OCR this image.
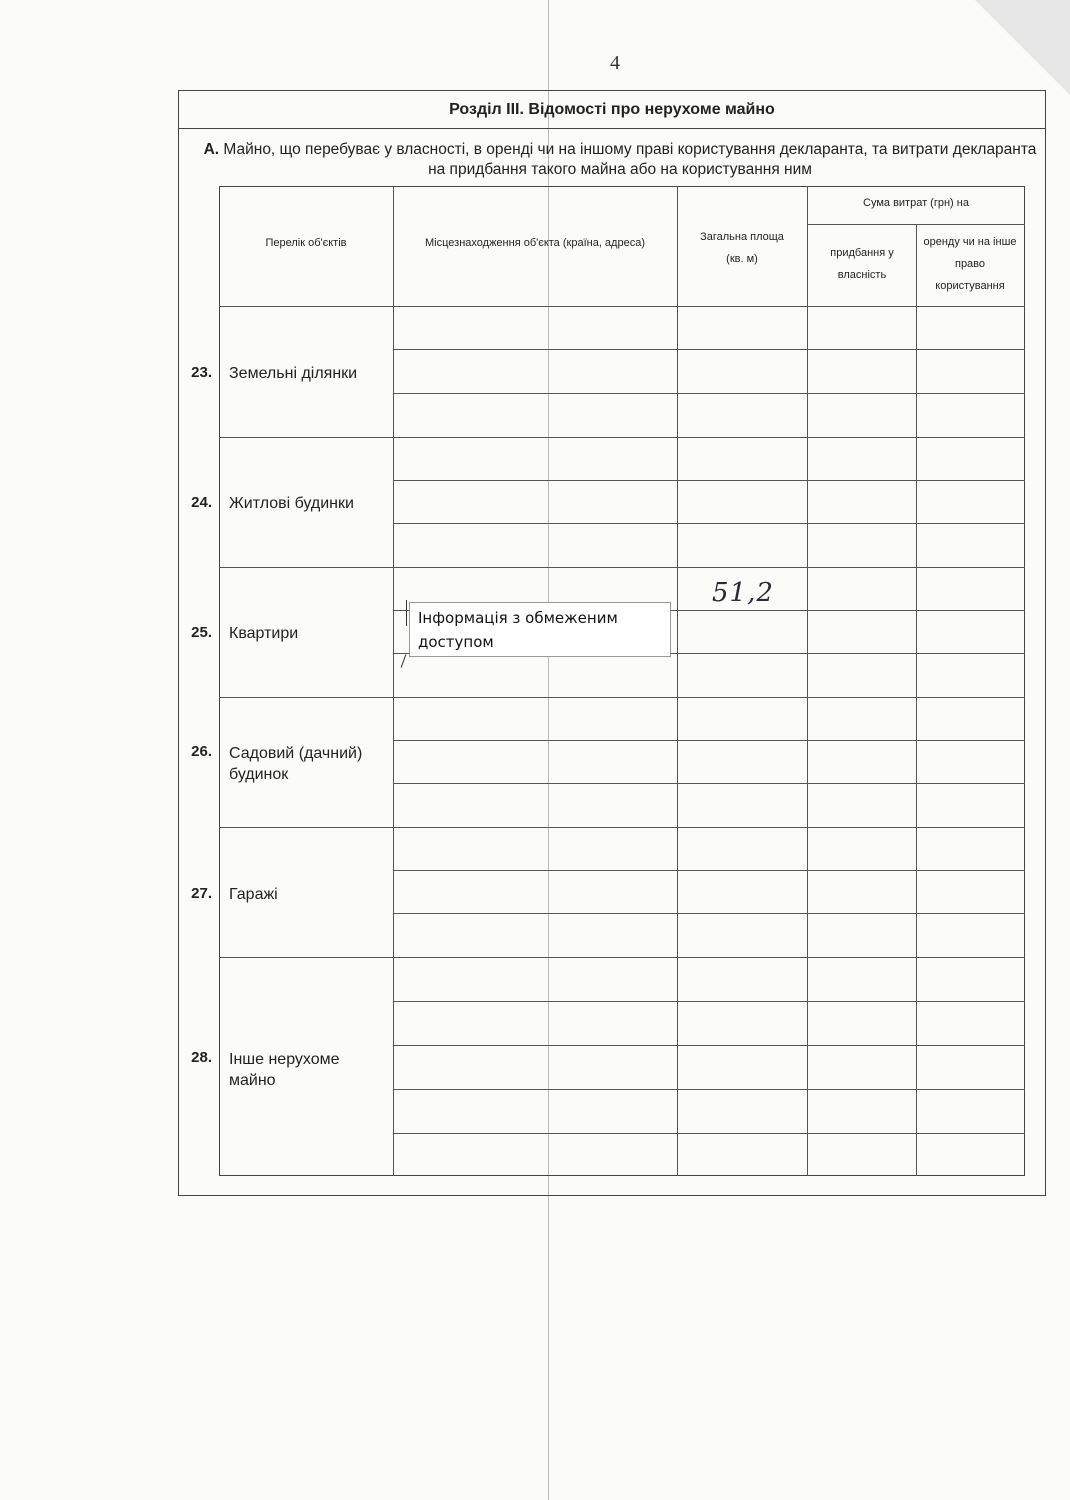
4
Розділ III. Відомості про нерухоме майно
А. Майно, що перебуває у власності, в оренді чи на іншому праві користування декларанта, та витрати декларанта на придбання такого майна або на користування ним
Перелік об'єктів	Місцезнаходження об'єкта (країна, адреса)	Загальна площа (кв. м)
Сума витрат (грн) на
придбання у власність
оренду чи на інше право користування
23. Земельні ділянки
24. Житлові будинки
25. Квартири
26. Садовий (дачний) будинок
27. Гаражі
28. Інше нерухоме майно
51,2
Інформація з обмеженим доступом
